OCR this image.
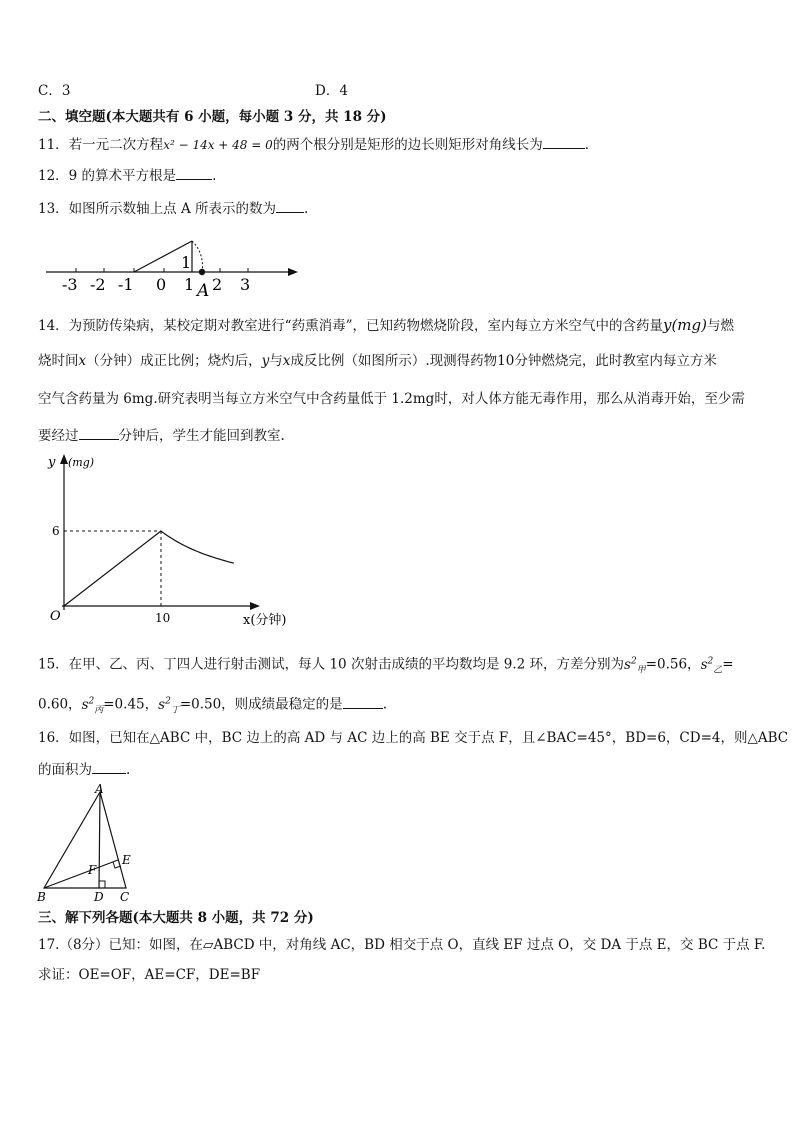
C．3	D．4
二、填空题(本大题共有 6 小题，每小题 3 分，共 18 分)
11．若一元二次方程x² − 14x + 48 = 0的两个根分别是矩形的边长则矩形对角线长为	.
12．9 的算术平方根是	.
13．如图所示数轴上点 A 所表示的数为 .
1
A
-3 -2 -1 0 1 2 3
14．为预防传染病，某校定期对教室进行“药熏消毒”，已知药物燃烧阶段，室内每立方米空气中的含药量y(mg)与燃
烧时间x（分钟）成正比例；烧灼后，y与x成反比例（如图所示）.现测得药物10分钟燃烧完，此时教室内每立方米
空气含药量为 6mg.研究表明当每立方米空气中含药量低于 1.2mg时，对人体方能无毒作用，那么从消毒开始，至少需
要经过	分钟后，学生才能回到教室.
y (mg)
6
10
O	x(分钟)
15．在甲、乙、丙、丁四人进行射击测试，每人 10 次射击成绩的平均数均是 9.2 环，方差分别为$s^2_甲=0.56$，$s^2_乙=$
0.60，$s^2_丙=0.45$，$s^2_丁=0.50$，则成绩最稳定的是	.
16．如图，已知在△ABC 中，BC 边上的高 AD 与 AC 边上的高 BE 交于点 F，且∠BAC=45°，BD=6，CD=4，则△ABC
的面积为	.
A
B	C
D
E
F
三、解下列各题(本大题共 8 小题，共 72 分)
17.（8分）已知：如图，在▱ABCD 中，对角线 AC，BD 相交于点 O，直线 EF 过点 O，交 DA 于点 E，交 BC 于点 F.
求证：OE=OF，AE=CF，DE=BF
